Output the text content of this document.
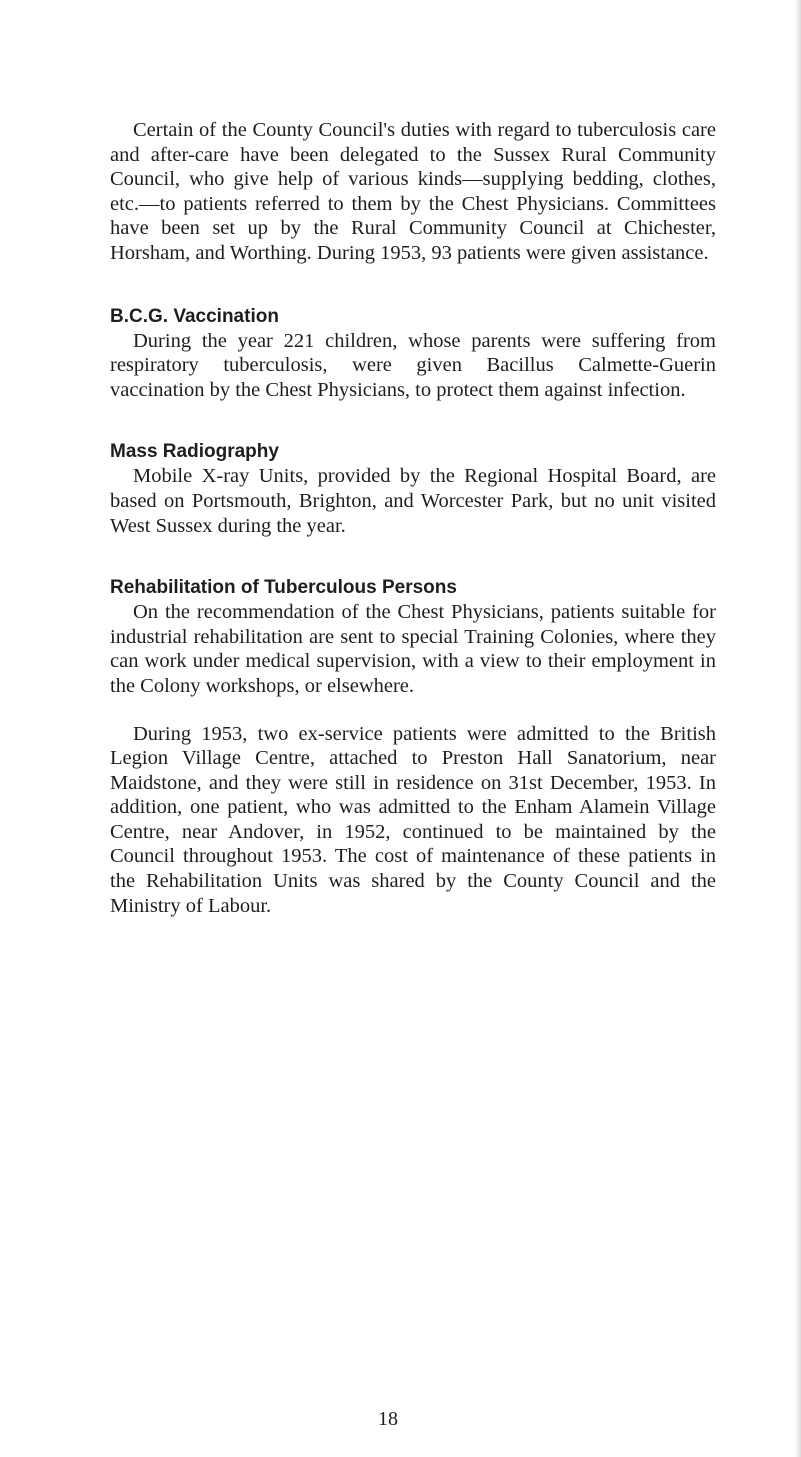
Certain of the County Council's duties with regard to tuberculosis care and after-care have been delegated to the Sussex Rural Community Council, who give help of various kinds—supplying bedding, clothes, etc.—to patients referred to them by the Chest Physicians. Committees have been set up by the Rural Community Council at Chichester, Horsham, and Worthing. During 1953, 93 patients were given assistance.

B.C.G. Vaccination

During the year 221 children, whose parents were suffering from respiratory tuberculosis, were given Bacillus Calmette-Guerin vaccination by the Chest Physicians, to protect them against infection.

Mass Radiography

Mobile X-ray Units, provided by the Regional Hospital Board, are based on Portsmouth, Brighton, and Worcester Park, but no unit visited West Sussex during the year.

Rehabilitation of Tuberculous Persons

On the recommendation of the Chest Physicians, patients suitable for industrial rehabilitation are sent to special Training Colonies, where they can work under medical supervision, with a view to their employment in the Colony workshops, or elsewhere.

During 1953, two ex-service patients were admitted to the British Legion Village Centre, attached to Preston Hall Sanatorium, near Maidstone, and they were still in residence on 31st December, 1953. In addition, one patient, who was admitted to the Enham Alamein Village Centre, near Andover, in 1952, continued to be maintained by the Council throughout 1953. The cost of maintenance of these patients in the Rehabilitation Units was shared by the County Council and the Ministry of Labour.

18
